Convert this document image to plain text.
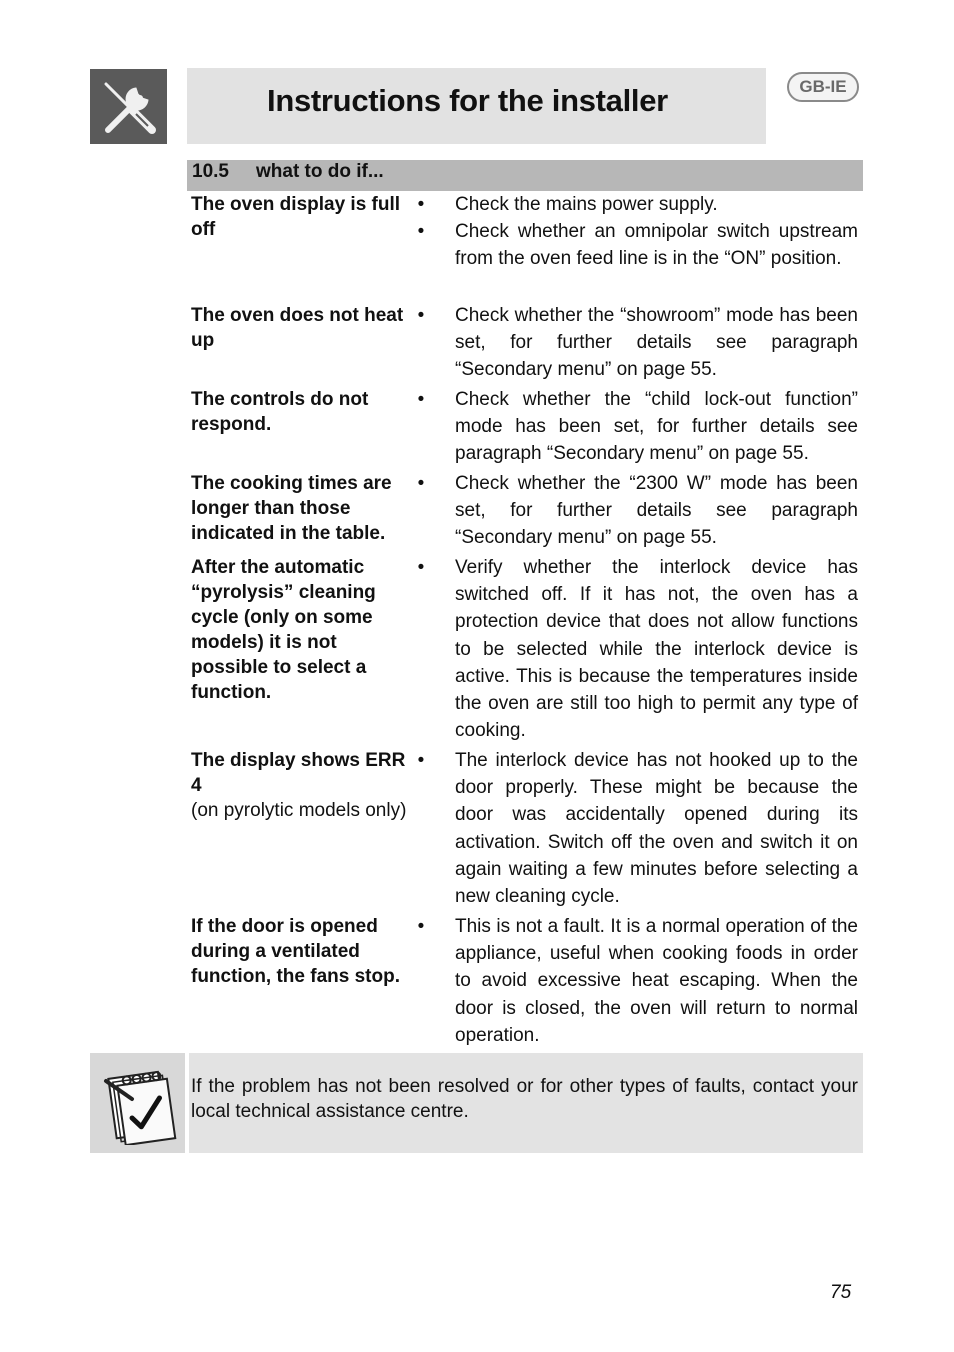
Instructions for the installer	GB-IE
10.5 what to do if...
The oven display is full off
•	Check the mains power supply.
•	Check whether an omnipolar switch upstream from the oven feed line is in the “ON” position.
The oven does not heat up
•	Check whether the “showroom” mode has been set, for further details see paragraph “Secondary menu” on page 55.
The controls do not respond.
•	Check whether the “child lock-out function” mode has been set, for further details see paragraph “Secondary menu” on page 55.
The cooking times are longer than those indicated in the table.
•	Check whether the “2300 W” mode has been set, for further details see paragraph “Secondary menu” on page 55.
After the automatic “pyrolysis” cleaning cycle (only on some models) it is not possible to select a function.
•	Verify whether the interlock device has switched off. If it has not, the oven has a protection device that does not allow functions to be selected while the interlock device is active. This is because the temperatures inside the oven are still too high to permit any type of cooking.
The display shows ERR 4
(on pyrolytic models only)
•	The interlock device has not hooked up to the door properly. These might be because the door was accidentally opened during its activation. Switch off the oven and switch it on again waiting a few minutes before selecting a new cleaning cycle.
If the door is opened during a ventilated function, the fans stop.
•	This is not a fault. It is a normal operation of the appliance, useful when cooking foods in order to avoid excessive heat escaping. When the door is closed, the oven will return to normal operation.
If the problem has not been resolved or for other types of faults, contact your local technical assistance centre.
75
